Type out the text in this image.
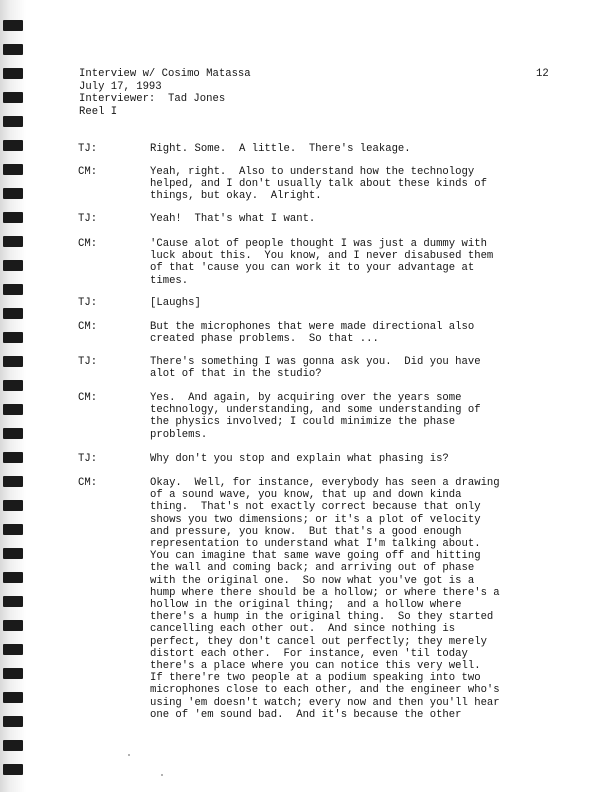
Interview w/ Cosimo Matassa
July 17, 1993
Interviewer:  Tad Jones
Reel I
12
TJ:	Right. Some.  A little.  There's leakage.
CM:	Yeah, right.  Also to understand how the technology
helped, and I don't usually talk about these kinds of
things, but okay.  Alright.
TJ:	Yeah!  That's what I want.
CM:	'Cause alot of people thought I was just a dummy with
luck about this.  You know, and I never disabused them
of that 'cause you can work it to your advantage at
times.
TJ:	[Laughs]
CM:	But the microphones that were made directional also
created phase problems.  So that ...
TJ:	There's something I was gonna ask you.  Did you have
alot of that in the studio?
CM:	Yes.  And again, by acquiring over the years some
technology, understanding, and some understanding of
the physics involved; I could minimize the phase
problems.
TJ:	Why don't you stop and explain what phasing is?
CM:	Okay.  Well, for instance, everybody has seen a drawing
of a sound wave, you know, that up and down kinda
thing.  That's not exactly correct because that only
shows you two dimensions; or it's a plot of velocity
and pressure, you know.  But that's a good enough
representation to understand what I'm talking about.
You can imagine that same wave going off and hitting
the wall and coming back; and arriving out of phase
with the original one.  So now what you've got is a
hump where there should be a hollow; or where there's a
hollow in the original thing;  and a hollow where
there's a hump in the original thing.  So they started
cancelling each other out.  And since nothing is
perfect, they don't cancel out perfectly; they merely
distort each other.  For instance, even 'til today
there's a place where you can notice this very well.
If there're two people at a podium speaking into two
microphones close to each other, and the engineer who's
using 'em doesn't watch; every now and then you'll hear
one of 'em sound bad.  And it's because the other
